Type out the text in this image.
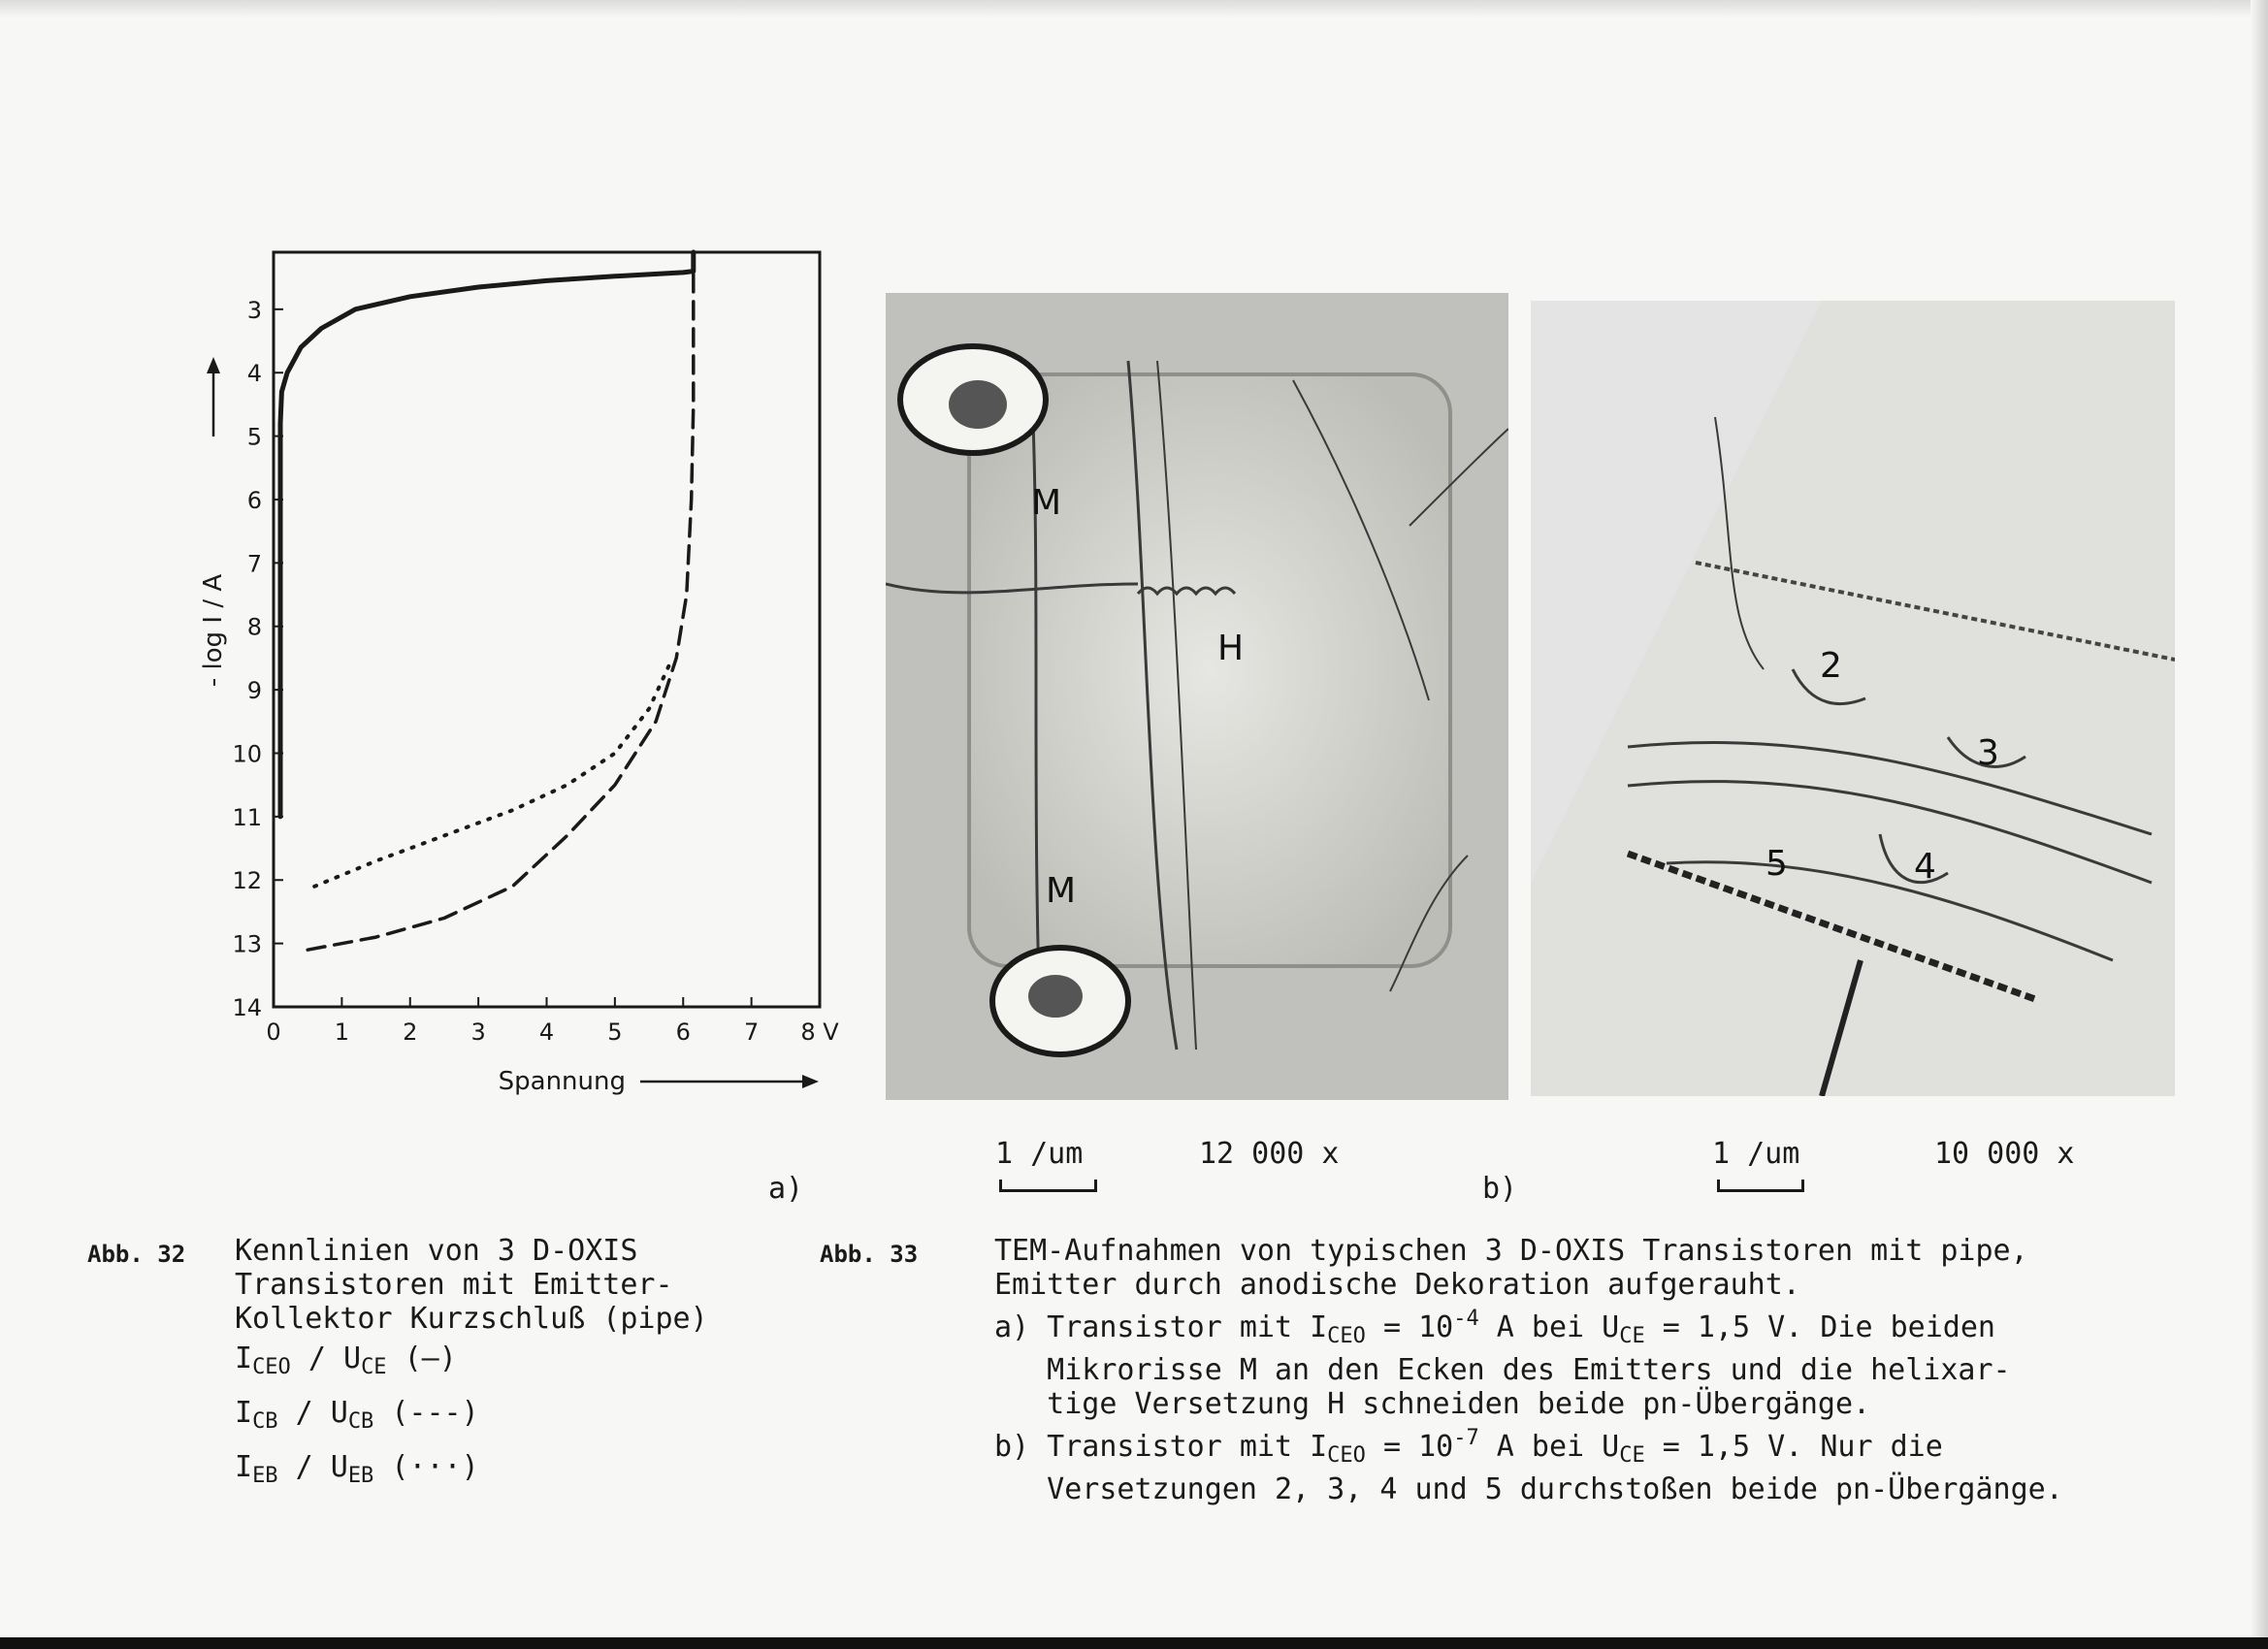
3
4
5
6
7
8
9
10
11
12
13
14
0 1 2 3 4 5 6 7 8 V
- log I / A
Spannung
M
H
M
2
3
4
5
1 /um	12 000 x	1 /um	10 000 x
a)	b)
Abb. 32 Kennlinien von 3 D-OXIS
Transistoren mit Emitter-
Kollektor Kurzschluß (pipe)
$I_{CEO} / U_{CE}$ (—)
$I_{CB} / U_{CB}$ (---)
$I_{EB} / U_{EB}$ (···)
Abb. 33	TEM-Aufnahmen von typischen 3 D-OXIS Transistoren mit pipe,
Emitter durch anodische Dekoration aufgerauht.
a) Transistor mit $I_{CEO} = 10^{-4}$ A bei $U_{CE} = 1,5$ V. Die beiden
Mikrorisse M an den Ecken des Emitters und die helixar-
tige Versetzung H schneiden beide pn-Übergänge.
b) Transistor mit $I_{CEO} = 10^{-7}$ A bei $U_{CE} = 1,5$ V. Nur die
Versetzungen 2, 3, 4 und 5 durchstoßen beide pn-Übergänge.
